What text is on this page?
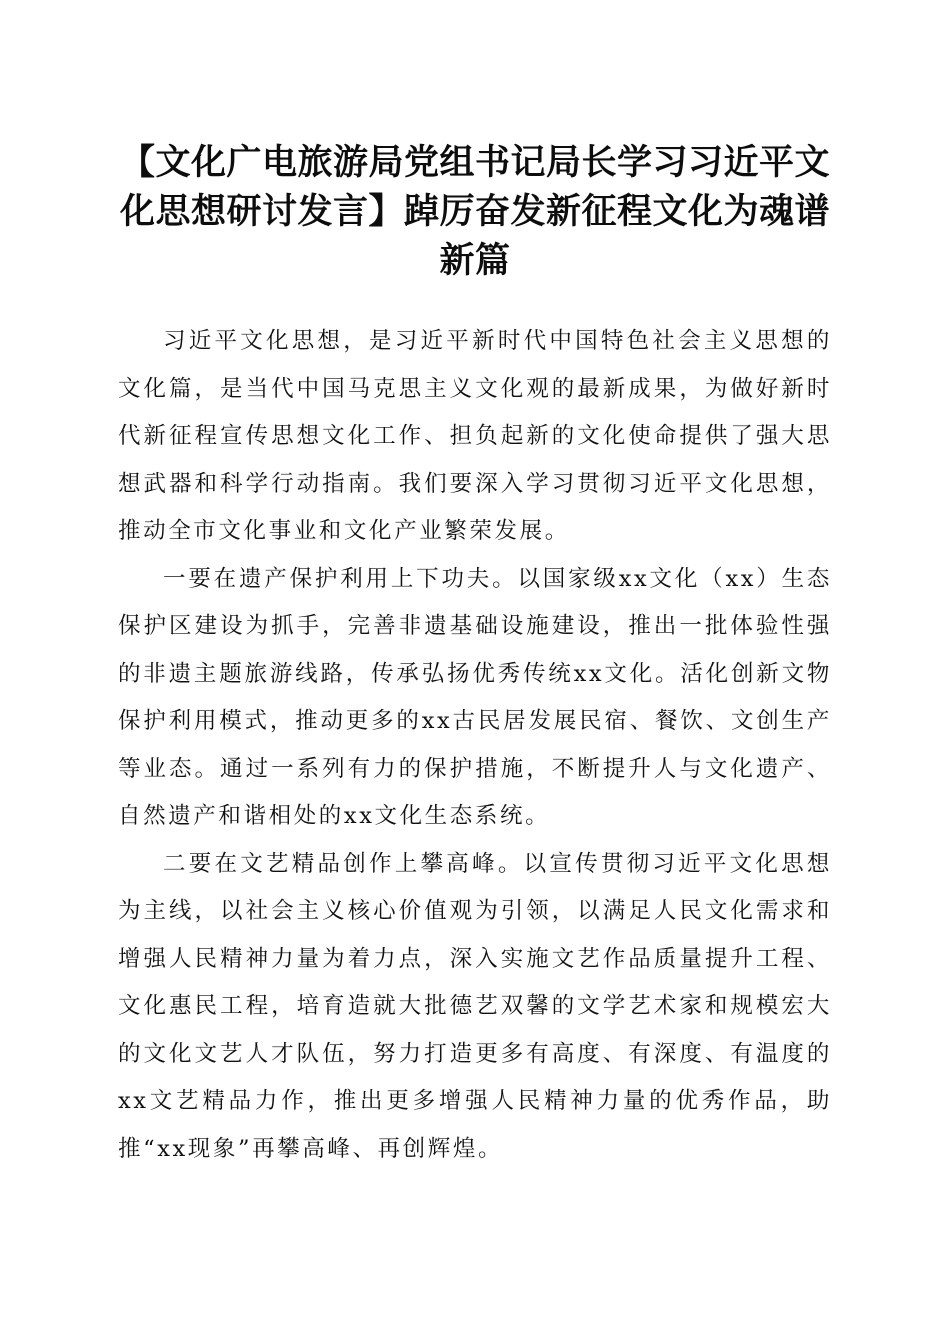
【文化广电旅游局党组书记局长学习习近平文化思想研讨发言】踔厉奋发新征程文化为魂谱新篇

习近平文化思想，是习近平新时代中国特色社会主义思想的文化篇，是当代中国马克思主义文化观的最新成果，为做好新时代新征程宣传思想文化工作、担负起新的文化使命提供了强大思想武器和科学行动指南。我们要深入学习贯彻习近平文化思想，推动全市文化事业和文化产业繁荣发展。

一要在遗产保护利用上下功夫。以国家级xx文化（xx）生态保护区建设为抓手，完善非遗基础设施建设，推出一批体验性强的非遗主题旅游线路，传承弘扬优秀传统xx文化。活化创新文物保护利用模式，推动更多的xx古民居发展民宿、餐饮、文创生产等业态。通过一系列有力的保护措施，不断提升人与文化遗产、自然遗产和谐相处的xx文化生态系统。

二要在文艺精品创作上攀高峰。以宣传贯彻习近平文化思想为主线，以社会主义核心价值观为引领，以满足人民文化需求和增强人民精神力量为着力点，深入实施文艺作品质量提升工程、文化惠民工程，培育造就大批德艺双馨的文学艺术家和规模宏大的文化文艺人才队伍，努力打造更多有高度、有深度、有温度的xx文艺精品力作，推出更多增强人民精神力量的优秀作品，助推“xx现象”再攀高峰、再创辉煌。
